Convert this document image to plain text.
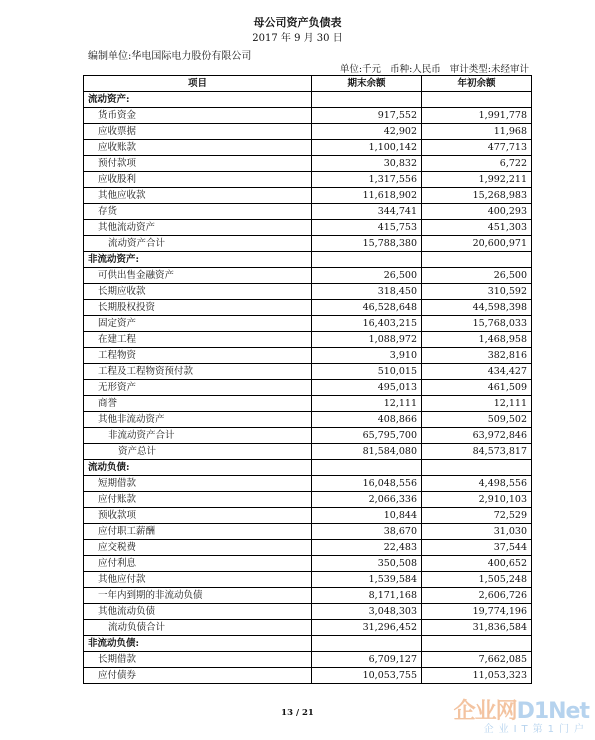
母公司资产负债表
2017 年 9 月 30 日
编制单位:华电国际电力股份有限公司
单位:千元 币种:人民币 审计类型:未经审计
项目	期末余额	年初余额
流动资产:		
货币资金	917,552	1,991,778
应收票据	42,902	11,968
应收账款	1,100,142	477,713
预付款项	30,832	6,722
应收股利	1,317,556	1,992,211
其他应收款	11,618,902	15,268,983
存货	344,741	400,293
其他流动资产	415,753	451,303
流动资产合计	15,788,380	20,600,971
非流动资产:		
可供出售金融资产	26,500	26,500
长期应收款	318,450	310,592
长期股权投资	46,528,648	44,598,398
固定资产	16,403,215	15,768,033
在建工程	1,088,972	1,468,958
工程物资	3,910	382,816
工程及工程物资预付款	510,015	434,427
无形资产	495,013	461,509
商誉	12,111	12,111
其他非流动资产	408,866	509,502
非流动资产合计	65,795,700	63,972,846
资产总计	81,584,080	84,573,817
流动负债:		
短期借款	16,048,556	4,498,556
应付账款	2,066,336	2,910,103
预收款项	10,844	72,529
应付职工薪酬	38,670	31,030
应交税费	22,483	37,544
应付利息	350,508	400,652
其他应付款	1,539,584	1,505,248
一年内到期的非流动负债	8,171,168	2,606,726
其他流动负债	3,048,303	19,774,196
流动负债合计	31,296,452	31,836,584
非流动负债:		
长期借款	6,709,127	7,662,085
应付债券	10,053,755	11,053,323
13 / 21	企业网D1Net
企业IT第1门户
